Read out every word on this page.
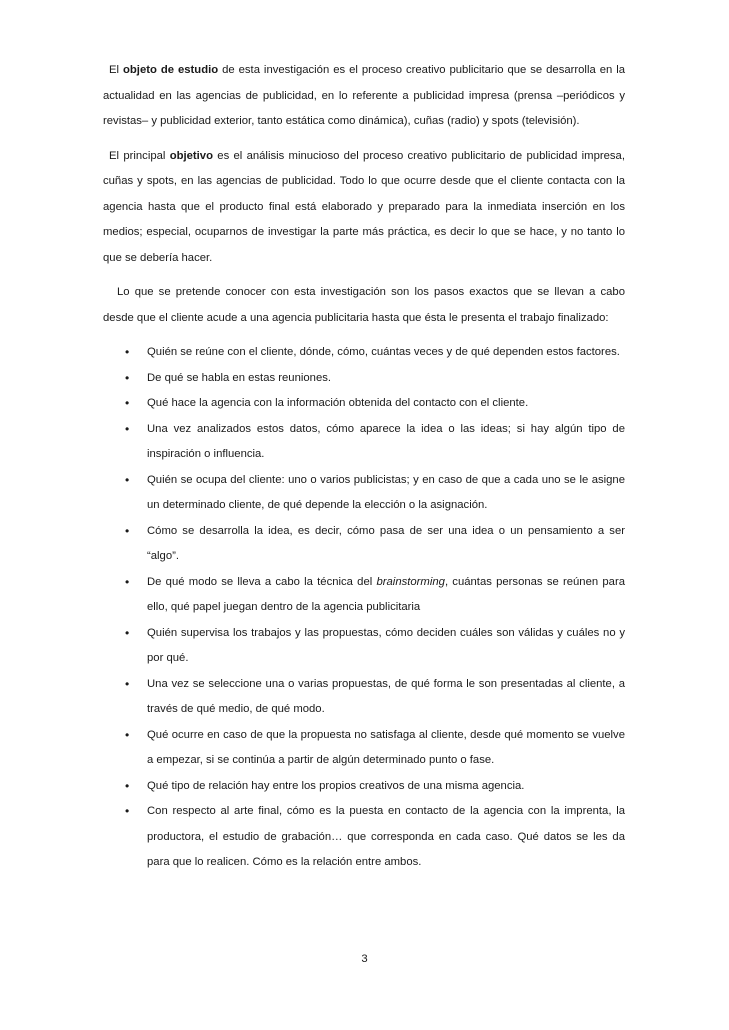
El objeto de estudio de esta investigación es el proceso creativo publicitario que se desarrolla en la actualidad en las agencias de publicidad, en lo referente a publicidad impresa (prensa –periódicos y revistas– y publicidad exterior, tanto estática como dinámica), cuñas (radio) y spots (televisión).

El principal objetivo es el análisis minucioso del proceso creativo publicitario de publicidad impresa, cuñas y spots, en las agencias de publicidad. Todo lo que ocurre desde que el cliente contacta con la agencia hasta que el producto final está elaborado y preparado para la inmediata inserción en los medios; especial, ocuparnos de investigar la parte más práctica, es decir lo que se hace, y no tanto lo que se debería hacer.

Lo que se pretende conocer con esta investigación son los pasos exactos que se llevan a cabo desde que el cliente acude a una agencia publicitaria hasta que ésta le presenta el trabajo finalizado:

• Quién se reúne con el cliente, dónde, cómo, cuántas veces y de qué dependen estos factores.
• De qué se habla en estas reuniones.
• Qué hace la agencia con la información obtenida del contacto con el cliente.
• Una vez analizados estos datos, cómo aparece la idea o las ideas; si hay algún tipo de inspiración o influencia.
• Quién se ocupa del cliente: uno o varios publicistas; y en caso de que a cada uno se le asigne un determinado cliente, de qué depende la elección o la asignación.
• Cómo se desarrolla la idea, es decir, cómo pasa de ser una idea o un pensamiento a ser “algo”.
• De qué modo se lleva a cabo la técnica del brainstorming, cuántas personas se reúnen para ello, qué papel juegan dentro de la agencia publicitaria
• Quién supervisa los trabajos y las propuestas, cómo deciden cuáles son válidas y cuáles no y por qué.
• Una vez se seleccione una o varias propuestas, de qué forma le son presentadas al cliente, a través de qué medio, de qué modo.
• Qué ocurre en caso de que la propuesta no satisfaga al cliente, desde qué momento se vuelve a empezar, si se continúa a partir de algún determinado punto o fase.
• Qué tipo de relación hay entre los propios creativos de una misma agencia.
• Con respecto al arte final, cómo es la puesta en contacto de la agencia con la imprenta, la productora, el estudio de grabación… que corresponda en cada caso. Qué datos se les da para que lo realicen. Cómo es la relación entre ambos.
3
